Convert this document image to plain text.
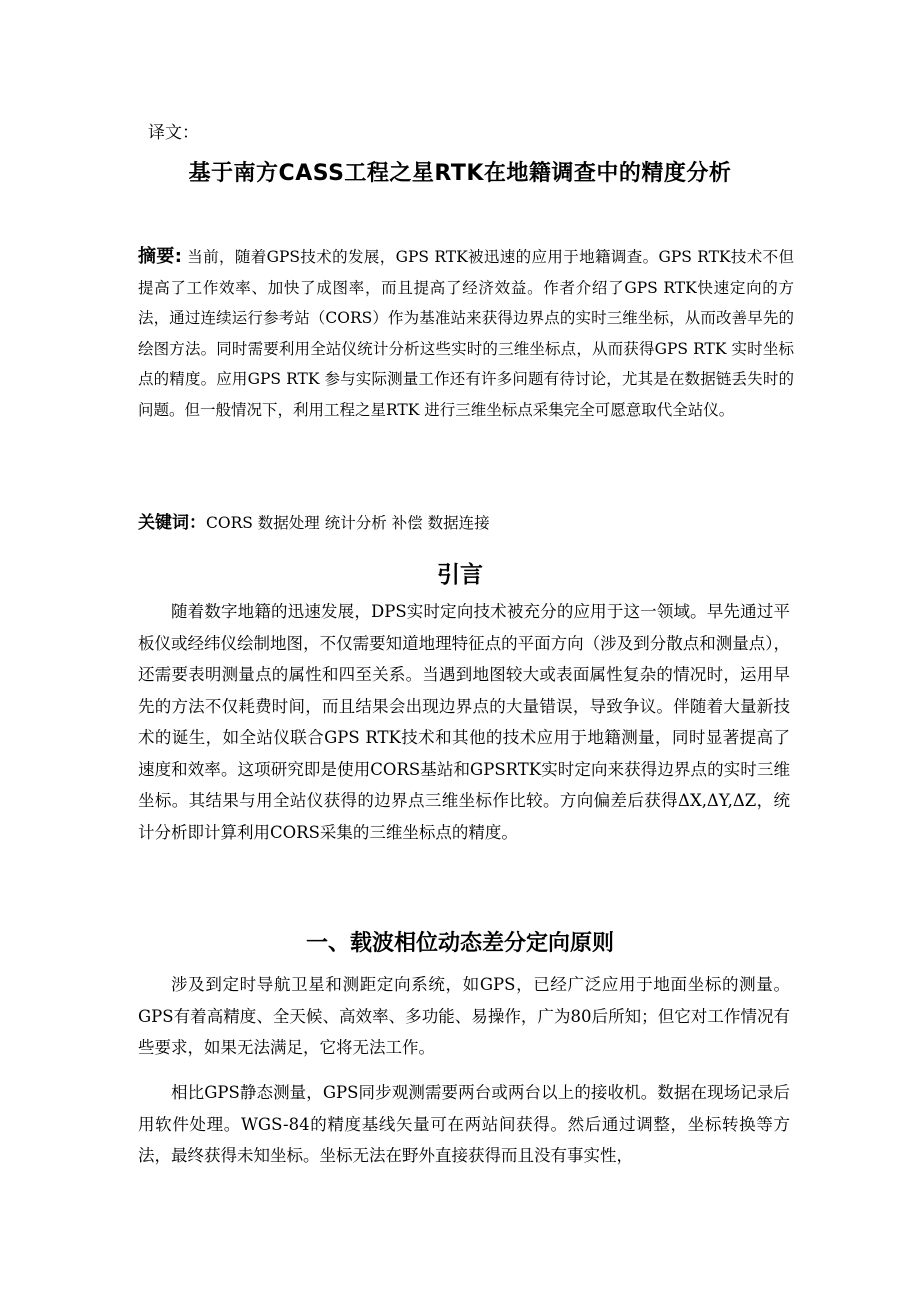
译文：
基于南方CASS工程之星RTK在地籍调查中的精度分析
摘要: 当前，随着GPS技术的发展，GPS RTK被迅速的应用于地籍调查。GPS RTK技术不但提高了工作效率、加快了成图率，而且提高了经济效益。作者介绍了GPS RTK快速定向的方法，通过连续运行参考站（CORS）作为基准站来获得边界点的实时三维坐标，从而改善早先的绘图方法。同时需要利用全站仪统计分析这些实时的三维坐标点，从而获得GPS RTK 实时坐标点的精度。应用GPS RTK 参与实际测量工作还有许多问题有待讨论，尤其是在数据链丢失时的问题。但一般情况下，利用工程之星RTK 进行三维坐标点采集完全可愿意取代全站仪。
关键词：CORS 数据处理 统计分析 补偿 数据连接
引言
随着数字地籍的迅速发展，DPS实时定向技术被充分的应用于这一领域。早先通过平板仪或经纬仪绘制地图，不仅需要知道地理特征点的平面方向（涉及到分散点和测量点），还需要表明测量点的属性和四至关系。当遇到地图较大或表面属性复杂的情况时，运用早先的方法不仅耗费时间，而且结果会出现边界点的大量错误，导致争议。伴随着大量新技术的诞生，如全站仪联合GPS RTK技术和其他的技术应用于地籍测量，同时显著提高了速度和效率。这项研究即是使用CORS基站和GPSRTK实时定向来获得边界点的实时三维坐标。其结果与用全站仪获得的边界点三维坐标作比较。方向偏差后获得ΔX,ΔY,ΔZ，统计分析即计算利用CORS采集的三维坐标点的精度。
一、载波相位动态差分定向原则
涉及到定时导航卫星和测距定向系统，如GPS，已经广泛应用于地面坐标的测量。GPS有着高精度、全天候、高效率、多功能、易操作，广为80后所知；但它对工作情况有些要求，如果无法满足，它将无法工作。
相比GPS静态测量，GPS同步观测需要两台或两台以上的接收机。数据在现场记录后用软件处理。WGS-84的精度基线矢量可在两站间获得。然后通过调整，坐标转换等方法，最终获得未知坐标。坐标无法在野外直接获得而且没有事实性，
